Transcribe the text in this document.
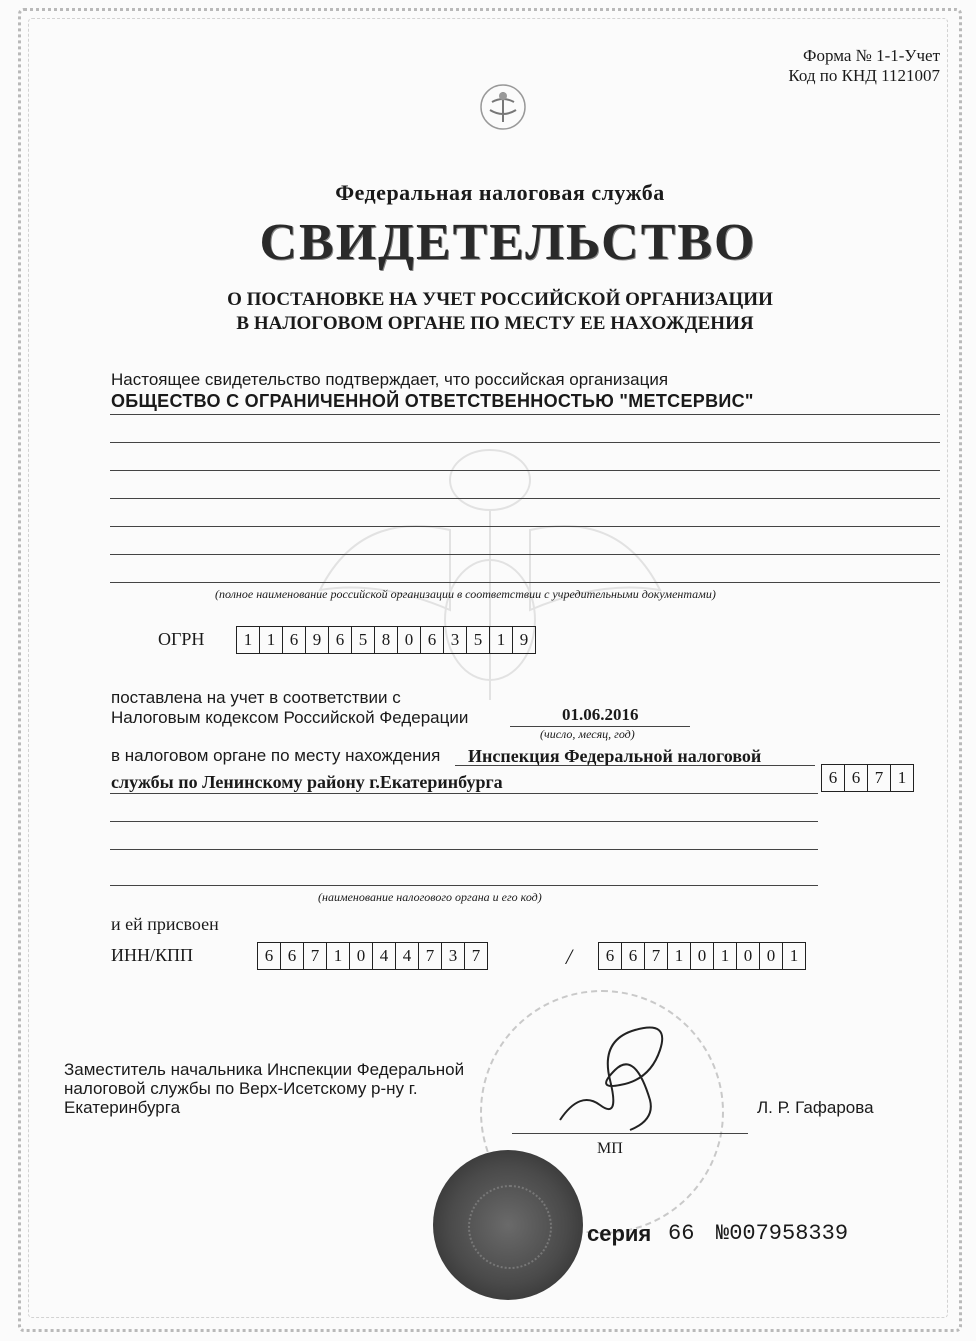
Форма № 1-1-Учет
Код по КНД 1121007
Федеральная налоговая служба
СВИДЕТЕЛЬСТВО
О ПОСТАНОВКЕ НА УЧЕТ РОССИЙСКОЙ ОРГАНИЗАЦИИ
В НАЛОГОВОМ ОРГАНЕ ПО МЕСТУ ЕЕ НАХОЖДЕНИЯ
Настоящее свидетельство подтверждает, что российская организация
ОБЩЕСТВО С ОГРАНИЧЕННОЙ ОТВЕТСТВЕННОСТЬЮ "МЕТСЕРВИС"
(полное наименование российской организации в соответствии с учредительными документами)
ОГРН	1 1 6 9 6 5 8 0 6 3 5 1 9
поставлена на учет в соответствии с
Налоговым кодексом Российской Федерации	01.06.2016
(число, месяц, год)
в налоговом органе по месту нахождения Инспекция Федеральной налоговой
службы по Ленинскому району г.Екатеринбурга	6 6 7 1
(наименование налогового органа и его код)
и ей присвоен
ИНН/КПП	6 6 7 1 0 4 4 7 3 7	/	6 6 7 1 0 1 0 0 1
Заместитель начальника Инспекции Федеральной
налоговой службы по Верх-Исетскому р-ну г.
Екатеринбурга	Л. Р. Гафарова
МП
серия 66 №007958339
